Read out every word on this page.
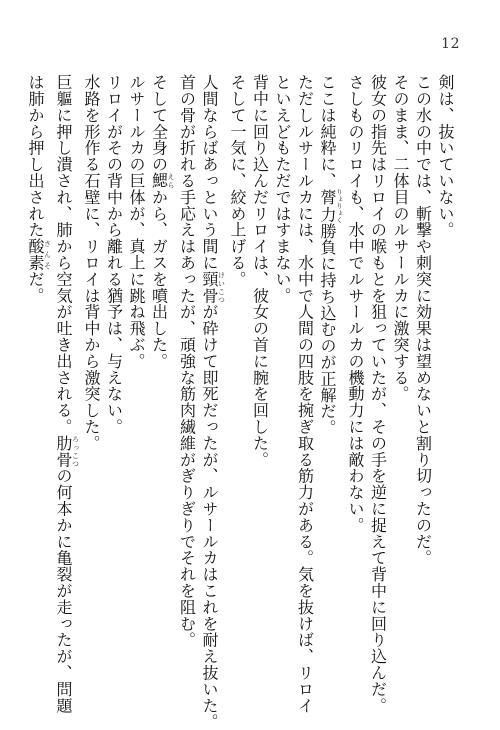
12

剣は、抜いていない。

この水の中では、斬撃や刺突に効果は望めないと割り切ったのだ。

そのまま、二体目のルサールカに激突する。

彼女の指先はリロイの喉もとを狙っていたが、その手を逆に捉えて背中に回り込んだ。

さしものリロイも、水中でルサールカの機動力には敵わない。

ここは純粋に、膂力りょりょく勝負に持ち込むのが正解だ。

ただしルサールカには、水中で人間の四肢を捥ぎ取る筋力がある。気を抜けば、リロイ

といえどもただではすまない。

背中に回り込んだリロイは、彼女の首に腕を回した。

そして一気に、絞め上げる。

人間ならばあっという間に頸骨けいこつが砕けて即死だったが、ルサールカはこれを耐え抜いた。

首の骨が折れる手応えはあったが、頑強な筋肉繊維がぎりぎりでそれを阻む。

そして全身の鰓えらから、ガスを噴出した。

ルサールカの巨体が、真上に跳ね飛ぶ。

リロイがその背中から離れる猶予は、与えない。

水路を形作る石壁に、リロイは背中から激突した。

巨軀に押し潰され、肺から空気が吐き出される。肋骨ろっこつの何本かに亀裂が走ったが、問題

は肺から押し出された酸素さんそだ。
